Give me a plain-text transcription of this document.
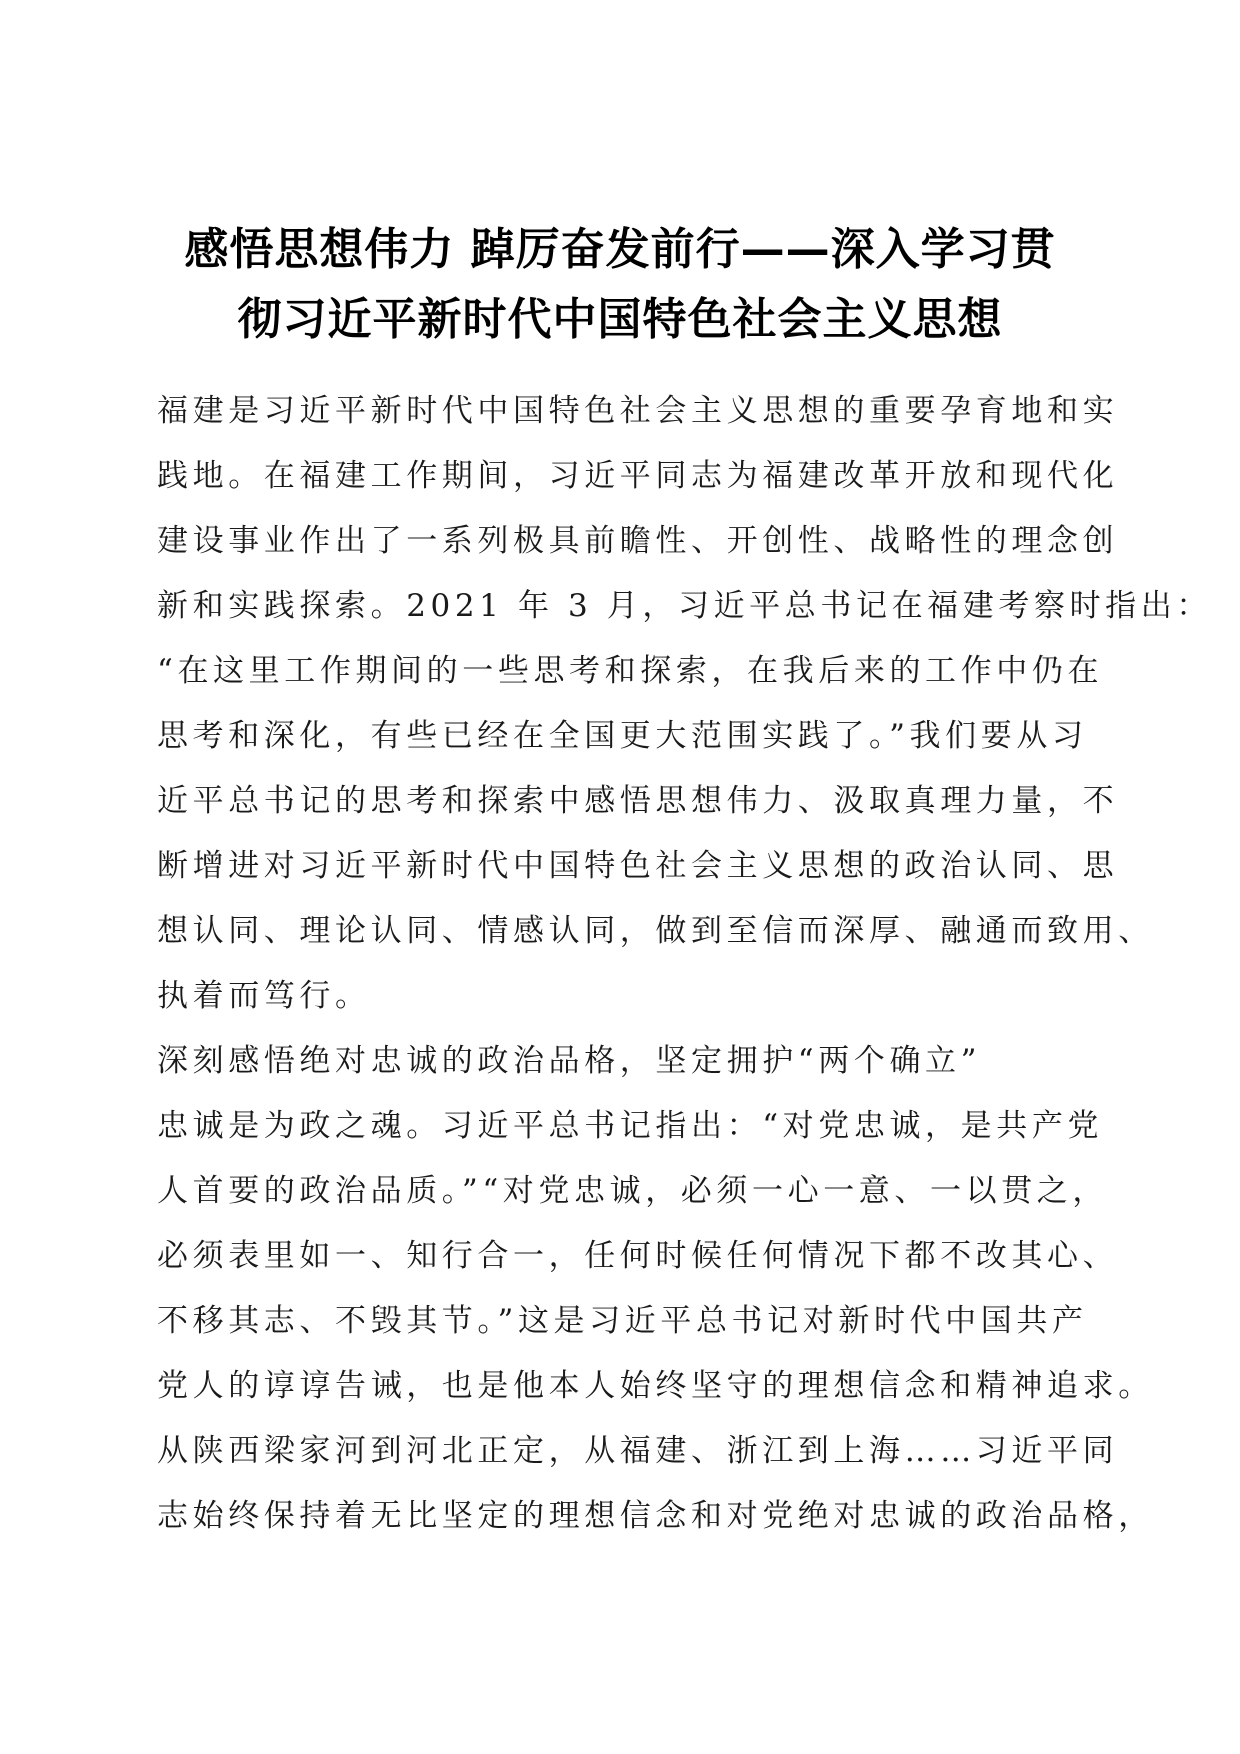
感悟思想伟力 踔厉奋发前行——深入学习贯
彻习近平新时代中国特色社会主义思想
福建是习近平新时代中国特色社会主义思想的重要孕育地和实
践地。在福建工作期间，习近平同志为福建改革开放和现代化
建设事业作出了一系列极具前瞻性、开创性、战略性的理念创
新和实践探索。2021 年 3 月，习近平总书记在福建考察时指出：
“在这里工作期间的一些思考和探索，在我后来的工作中仍在
思考和深化，有些已经在全国更大范围实践了。”我们要从习
近平总书记的思考和探索中感悟思想伟力、汲取真理力量，不
断增进对习近平新时代中国特色社会主义思想的政治认同、思
想认同、理论认同、情感认同，做到至信而深厚、融通而致用、
执着而笃行。
深刻感悟绝对忠诚的政治品格，坚定拥护“两个确立”
忠诚是为政之魂。习近平总书记指出：“对党忠诚，是共产党
人首要的政治品质。”“对党忠诚，必须一心一意、一以贯之，
必须表里如一、知行合一，任何时候任何情况下都不改其心、
不移其志、不毁其节。”这是习近平总书记对新时代中国共产
党人的谆谆告诫，也是他本人始终坚守的理想信念和精神追求。
从陕西梁家河到河北正定，从福建、浙江到上海……习近平同
志始终保持着无比坚定的理想信念和对党绝对忠诚的政治品格，
